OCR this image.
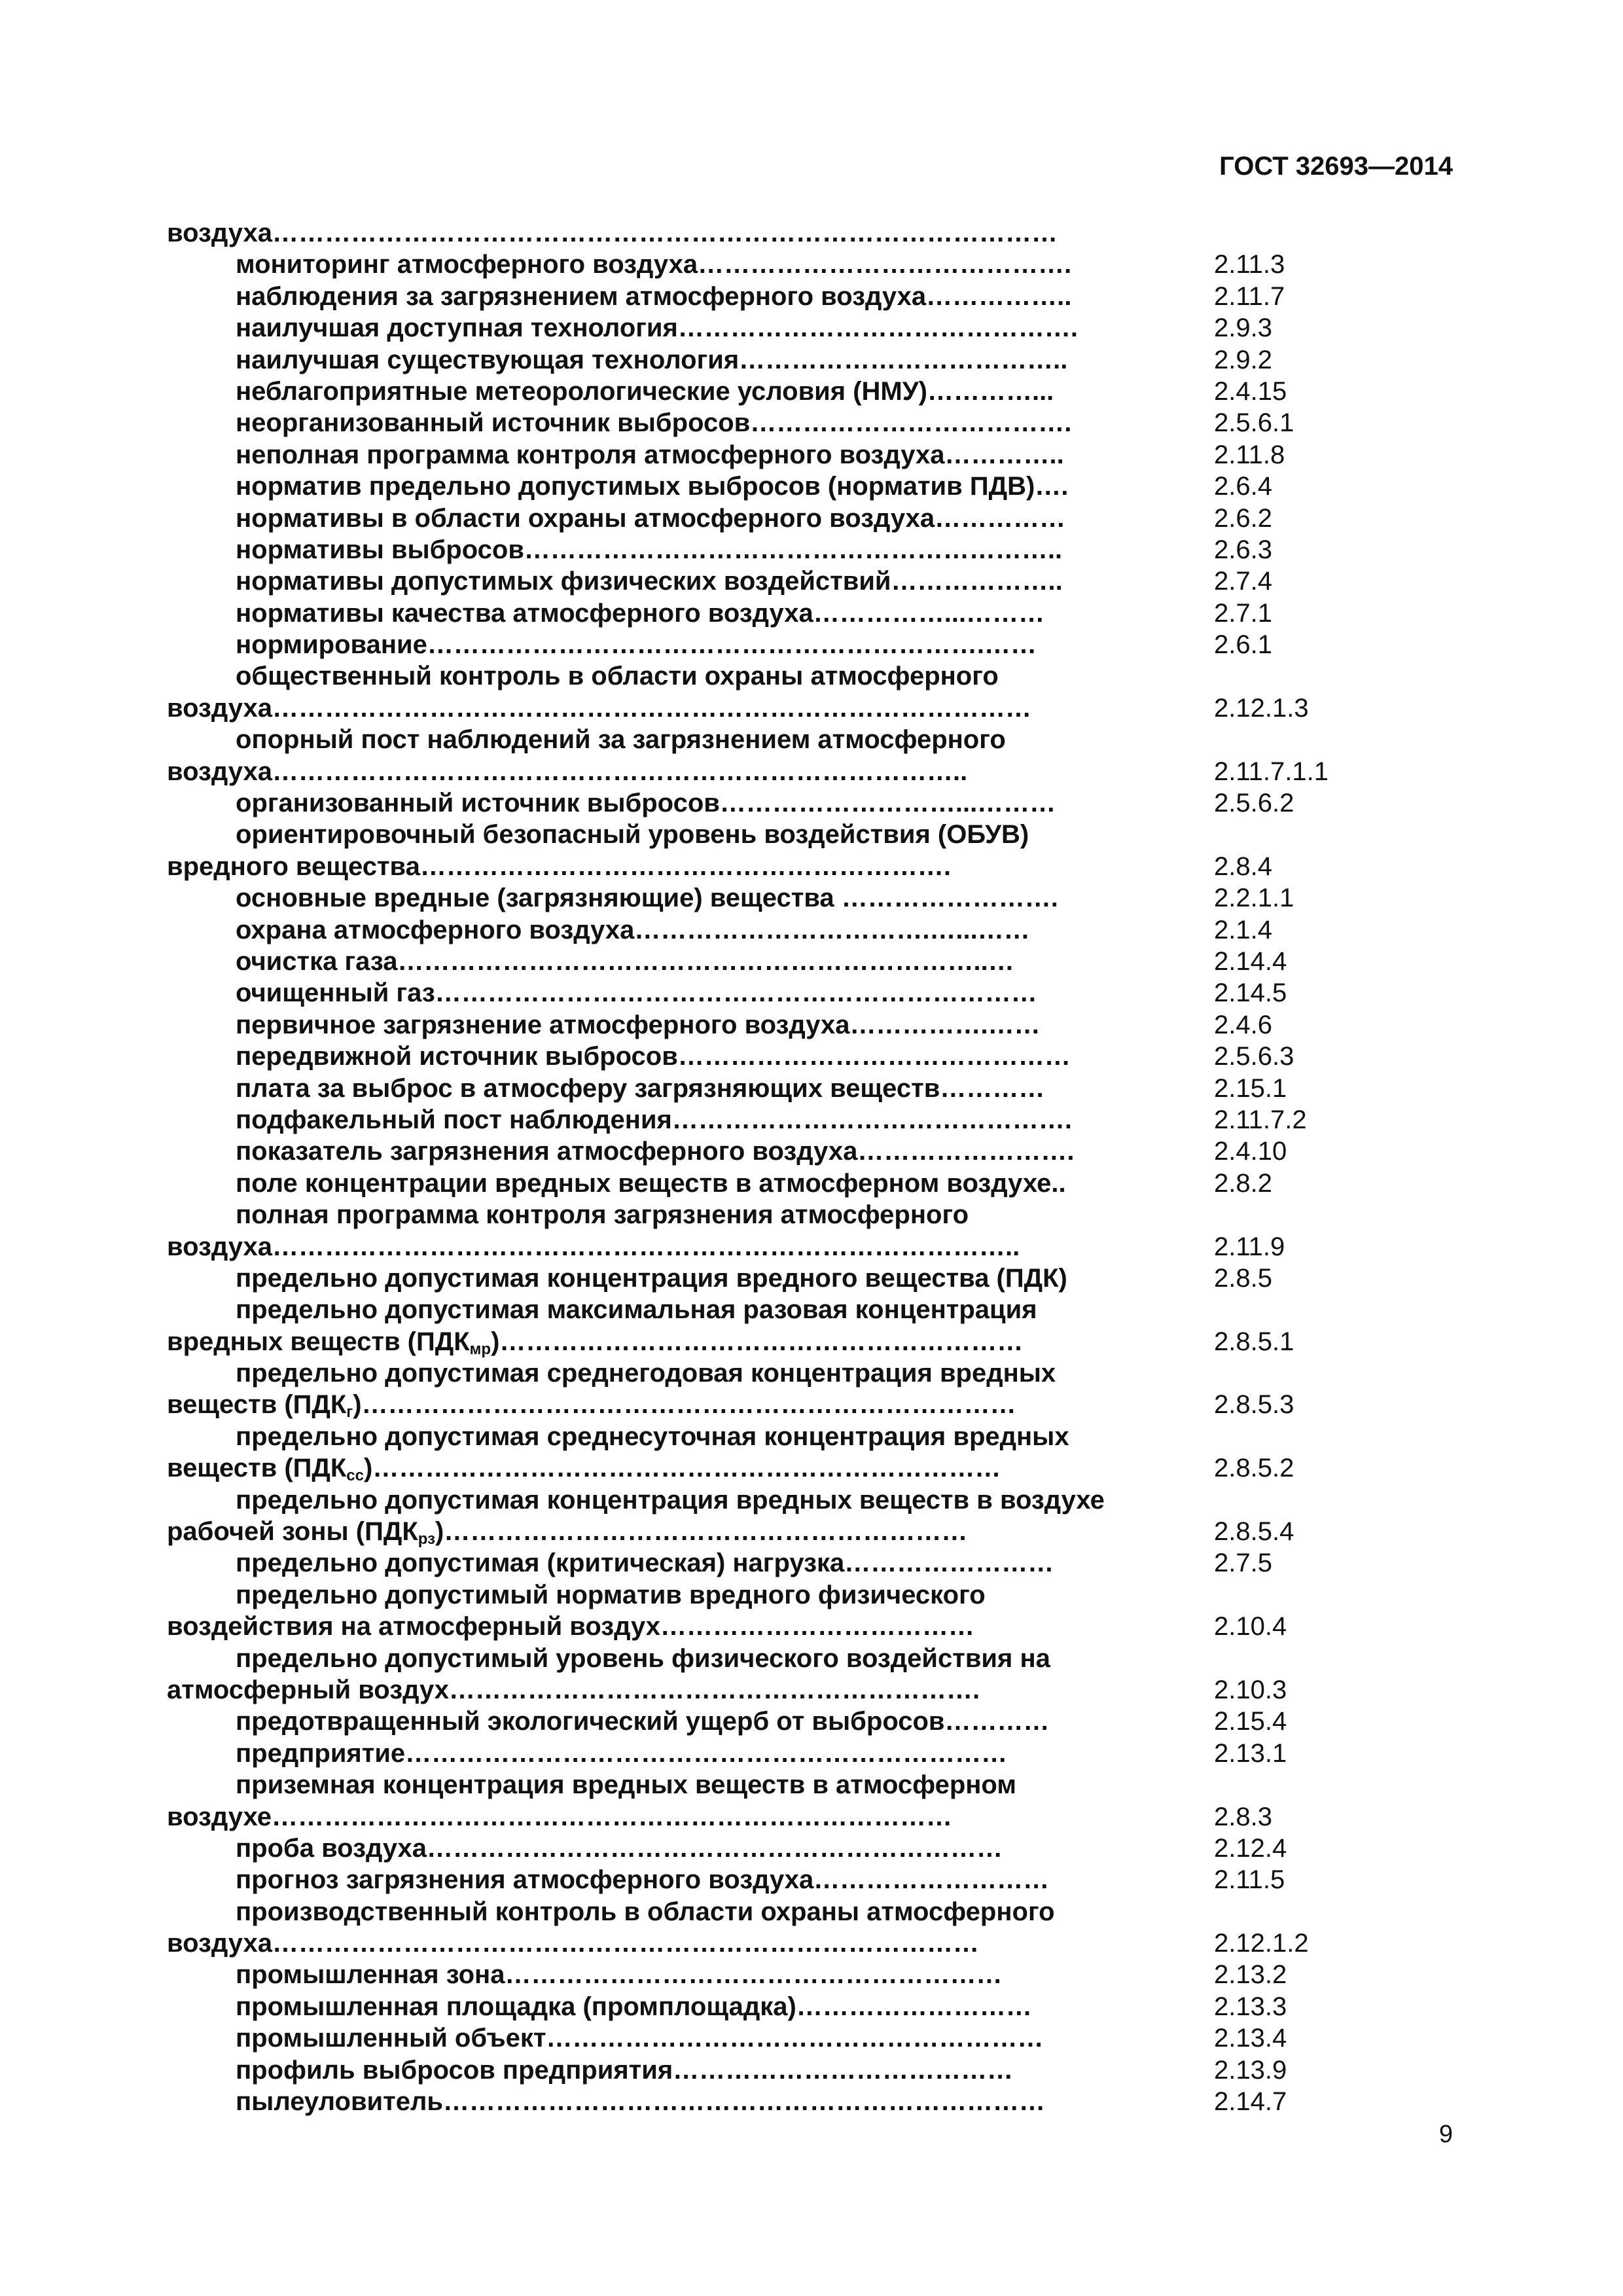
ГОСТ 32693—2014
воздуха………………………………………………………………………………
мониторинг атмосферного воздуха…………………………………….	2.11.3
наблюдения за загрязнением атмосферного воздуха……………..	2.11.7
наилучшая доступная технология……………………………………….	2.9.3
наилучшая существующая технология………………………………..	2.9.2
неблагоприятные метеорологические условия (НМУ)…………...	2.4.15
неорганизованный источник выбросов……………………………….	2.5.6.1
неполная программа контроля атмосферного воздуха…………..	2.11.8
норматив предельно допустимых выбросов (норматив ПДВ)….	2.6.4
нормативы в области охраны атмосферного воздуха……………	2.6.2
нормативы выбросов……………………………………………………..	2.6.3
нормативы допустимых физических воздействий………………..	2.7.4
нормативы качества атмосферного воздуха……………...………	2.7.1
нормирование……………………………………………………….……	2.6.1
общественный контроль в области охраны атмосферного
воздуха……………………………………………………………………………	2.12.1.3
опорный пост наблюдений за загрязнением атмосферного
воздуха……………………………………………………………………..	2.11.7.1.1
организованный источник выбросов………………………...………	2.5.6.2
ориентировочный безопасный уровень воздействия (ОБУВ)
вредного вещества…………………………………………………….	2.8.4
основные вредные (загрязняющие) вещества …………………….	2.2.1.1
охрана атмосферного воздуха…………………………….…...……	2.1.4
очистка газа…………………………………………………………..…	2.14.4
очищенный газ……………………………………………………………	2.14.5
первичное загрязнение атмосферного воздуха…………….……	2.4.6
передвижной источник выбросов………………………………………	2.5.6.3
плата за выброс в атмосферу загрязняющих веществ…………	2.15.1
подфакельный пост наблюдения……………………………………….	2.11.7.2
показатель загрязнения атмосферного воздуха…………………….	2.4.10
поле концентрации вредных веществ в атмосферном воздухе..	2.8.2
полная программа контроля загрязнения атмосферного
воздуха…………………………………………………………………………..	2.11.9
предельно допустимая концентрация вредного вещества (ПДК)	2.8.5
предельно допустимая максимальная разовая концентрация
вредных веществ $(ПДК_{мр})\dots\dots\dots\dots\dots\dots\dots\dots\dots\dots\dots\dots\dots\dots\dots\dots\dots\dots\dots\dots$	2.8.5.1
предельно допустимая среднегодовая концентрация вредных
веществ $(ПДК_г)\dots\dots\dots\dots\dots\dots\dots\dots\dots\dots\dots\dots\dots\dots\dots\dots\dots\dots\dots\dots\dots\dots\dots\dots\dots$	2.8.5.3
предельно допустимая среднесуточная концентрация вредных
веществ $(ПДК_{сс})\dots\dots\dots\dots\dots\dots\dots\dots\dots\dots\dots\dots\dots\dots\dots\dots\dots\dots\dots\dots\dots\dots\dots\dots$	2.8.5.2
предельно допустимая концентрация вредных веществ в воздухе
рабочей зоны $(ПДК_{рз})\dots\dots\dots\dots\dots\dots\dots\dots\dots\dots\dots\dots\dots\dots\dots\dots\dots\dots\dots\dots$	2.8.5.4
предельно допустимая (критическая) нагрузка……………………	2.7.5
предельно допустимый норматив вредного физического
воздействия на атмосферный воздух………………………………	2.10.4
предельно допустимый уровень физического воздействия на
атмосферный воздух…………………………………………………….	2.10.3
предотвращенный экологический ущерб от выбросов…………	2.15.4
предприятие……………………………………………………………	2.13.1
приземная концентрация вредных веществ в атмосферном
воздухе……………………………………………………………………	2.8.3
проба воздуха…………………………………………………………	2.12.4
прогноз загрязнения атмосферного воздуха………………………	2.11.5
производственный контроль в области охраны атмосферного
воздуха………………………………………………………………………	2.12.1.2
промышленная зона…………………………………………………	2.13.2
промышленная площадка (промплощадка)………………………	2.13.3
промышленный объект…………………………………………………	2.13.4
профиль выбросов предприятия…………………………………	2.13.9
пылеуловитель……………………………………………………………	2.14.7
9
